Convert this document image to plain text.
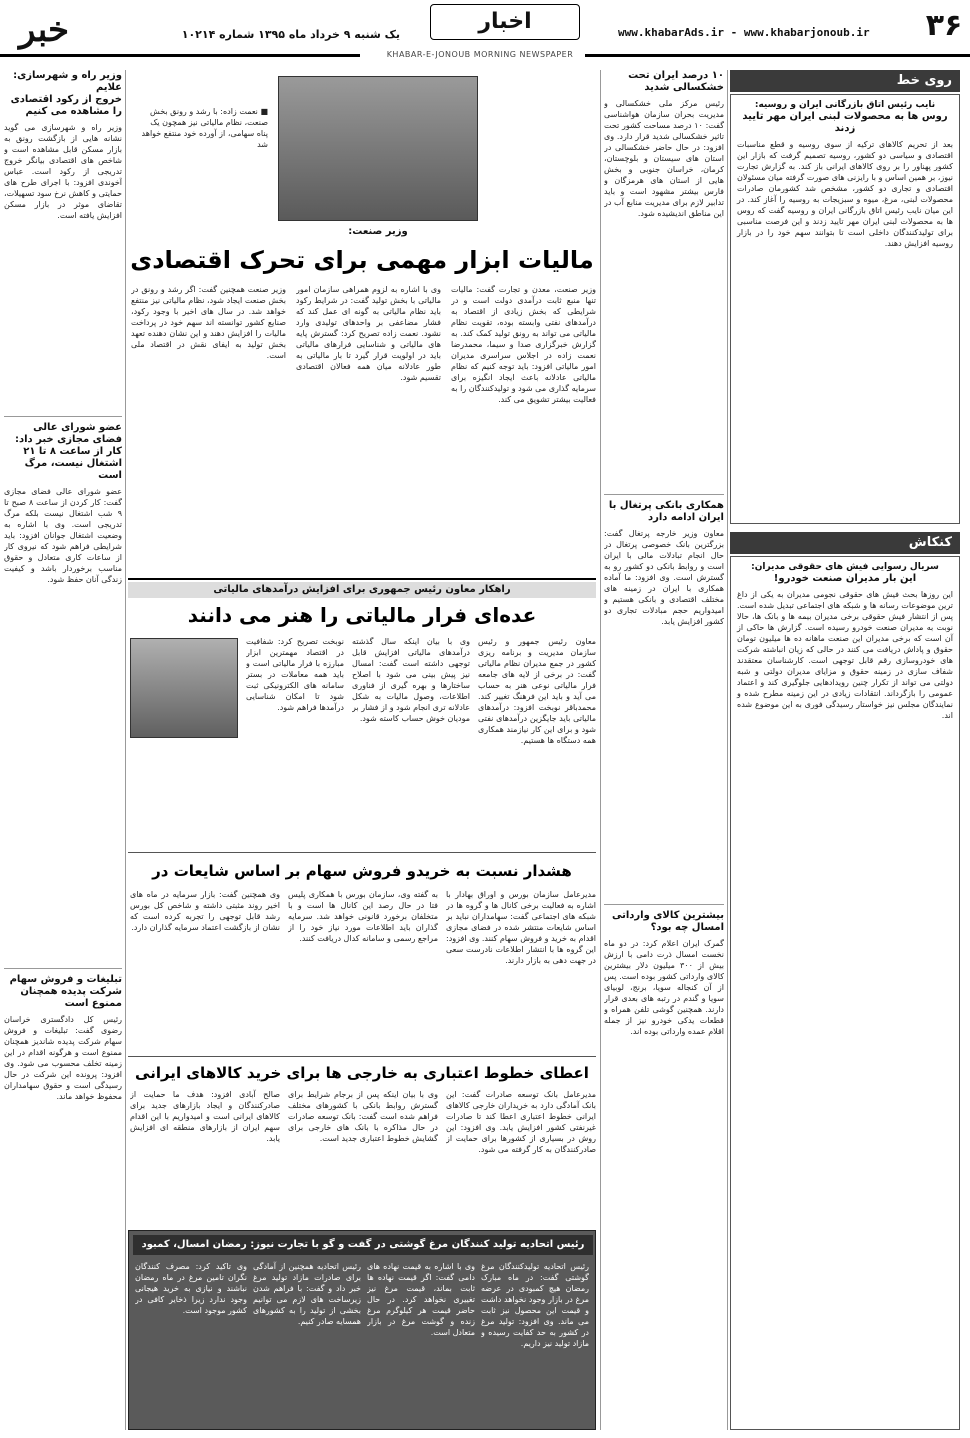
۳۶
www.khabarAds.ir - www.khabarjonoub.ir
اخبار
یک شنبه ۹ خرداد ماه ۱۳۹۵ شماره ۱۰۲۱۴
خبر
KHABAR-E-JONOUB MORNING NEWSPAPER
روی خط
نایب رئیس اتاق بازرگانی ایران و روسیه:
روس ها به محصولات لبنی ایران مهر تایید زدند
بعد از تحریم کالاهای ترکیه از سوی روسیه و قطع مناسبات اقتصادی و سیاسی دو کشور، روسیه تصمیم گرفت که بازار این کشور پهناور را بر روی کالاهای ایرانی باز کند. به گزارش تجارت نیوز، بر همین اساس و با رایزنی های صورت گرفته میان مسئولان اقتصادی و تجاری دو کشور، مشخص شد کشورمان صادرات محصولات لبنی، مرغ، میوه و سبزیجات به روسیه را آغاز کند. در این میان نایب رئیس اتاق بازرگانی ایران و روسیه گفت که روس ها به محصولات لبنی ایران مهر تایید زدند و این فرصت مناسبی برای تولیدکنندگان داخلی است تا بتوانند سهم خود را در بازار روسیه افزایش دهند.
کنکاش
سریال رسوایی فیش های حقوقی مدیران:
این بار مدیران صنعت خودرو!
این روزها بحث فیش های حقوقی نجومی مدیران به یکی از داغ ترین موضوعات رسانه ها و شبکه های اجتماعی تبدیل شده است. پس از انتشار فیش حقوقی برخی مدیران بیمه ها و بانک ها، حالا نوبت به مدیران صنعت خودرو رسیده است. گزارش ها حاکی از آن است که برخی مدیران این صنعت ماهانه ده ها میلیون تومان حقوق و پاداش دریافت می کنند در حالی که زیان انباشته شرکت های خودروسازی رقم قابل توجهی است. کارشناسان معتقدند شفاف سازی در زمینه حقوق و مزایای مدیران دولتی و شبه دولتی می تواند از تکرار چنین رویدادهایی جلوگیری کند و اعتماد عمومی را بازگرداند. انتقادات زیادی در این زمینه مطرح شده و نمایندگان مجلس نیز خواستار رسیدگی فوری به این موضوع شده اند.
۱۰ درصد ایران تحت خشکسالی شدید
رئیس مرکز ملی خشکسالی و مدیریت بحران سازمان هواشناسی گفت: ۱۰ درصد مساحت کشور تحت تاثیر خشکسالی شدید قرار دارد. وی افزود: در حال حاضر خشکسالی در استان های سیستان و بلوچستان، کرمان، خراسان جنوبی و بخش هایی از استان های هرمزگان و فارس بیشتر مشهود است و باید تدابیر لازم برای مدیریت منابع آب در این مناطق اندیشیده شود.
همکاری بانکی پرتغال با ایران ادامه دارد
معاون وزیر خارجه پرتغال گفت: بزرگترین بانک خصوصی پرتغال در حال انجام تبادلات مالی با ایران است و روابط بانکی دو کشور رو به گسترش است. وی افزود: ما آماده همکاری با ایران در زمینه های مختلف اقتصادی و بانکی هستیم و امیدواریم حجم مبادلات تجاری دو کشور افزایش یابد.
بیشترین کالای وارداتی امسال چه بود؟
گمرک ایران اعلام کرد: در دو ماه نخست امسال ذرت دامی با ارزش بیش از ۳۰۰ میلیون دلار بیشترین کالای وارداتی کشور بوده است. پس از آن کنجاله سویا، برنج، لوبیای سویا و گندم در رتبه های بعدی قرار دارند. همچنین گوشی تلفن همراه و قطعات یدکی خودرو نیز از جمله اقلام عمده وارداتی بوده اند.
■ نعمت زاده: با رشد و رونق بخش صنعت، نظام مالیاتی نیز همچون یک پناه سهامی، از آورده خود منتفع خواهد شد
وزیر صنعت:
مالیات ابزار مهمی برای تحرک اقتصادی
وزیر صنعت، معدن و تجارت گفت: مالیات تنها منبع ثابت درآمدی دولت است و در شرایطی که بخش زیادی از اقتصاد به درآمدهای نفتی وابسته بوده، تقویت نظام مالیاتی می تواند به رونق تولید کمک کند. به گزارش خبرگزاری صدا و سیما، محمدرضا نعمت زاده در اجلاس سراسری مدیران امور مالیاتی افزود: باید توجه کنیم که نظام مالیاتی عادلانه باعث ایجاد انگیزه برای سرمایه گذاری می شود و تولیدکنندگان را به فعالیت بیشتر تشویق می کند.
وی با اشاره به لزوم همراهی سازمان امور مالیاتی با بخش تولید گفت: در شرایط رکود باید نظام مالیاتی به گونه ای عمل کند که فشار مضاعفی بر واحدهای تولیدی وارد نشود. نعمت زاده تصریح کرد: گسترش پایه های مالیاتی و شناسایی فرارهای مالیاتی باید در اولویت قرار گیرد تا بار مالیاتی به طور عادلانه میان همه فعالان اقتصادی تقسیم شود.
وزیر صنعت همچنین گفت: اگر رشد و رونق در بخش صنعت ایجاد شود، نظام مالیاتی نیز منتفع خواهد شد. در سال های اخیر با وجود رکود، صنایع کشور توانسته اند سهم خود در پرداخت مالیات را افزایش دهند و این نشان دهنده تعهد بخش تولید به ایفای نقش در اقتصاد ملی است.
وزیر راه و شهرسازی: علایم
خروج از رکود اقتصادی را مشاهده می کنیم
وزیر راه و شهرسازی می گوید نشانه هایی از بازگشت رونق به بازار مسکن قابل مشاهده است و شاخص های اقتصادی بیانگر خروج تدریجی از رکود است. عباس آخوندی افزود: با اجرای طرح های حمایتی و کاهش نرخ سود تسهیلات، تقاضای موثر در بازار مسکن افزایش یافته است.
عضو شورای عالی فضای مجازی خبر داد: کار از ساعت ۸ تا ۲۱ اشتغال نیست، مرگ است
عضو شورای عالی فضای مجازی گفت: کار کردن از ساعت ۸ صبح تا ۹ شب اشتغال نیست بلکه مرگ تدریجی است. وی با اشاره به وضعیت اشتغال جوانان افزود: باید شرایطی فراهم شود که نیروی کار از ساعات کاری متعادل و حقوق مناسب برخوردار باشد و کیفیت زندگی آنان حفظ شود.
تبلیغات و فروش سهام شرکت پدیده همچنان ممنوع است
رئیس کل دادگستری خراسان رضوی گفت: تبلیغات و فروش سهام شرکت پدیده شاندیز همچنان ممنوع است و هرگونه اقدام در این زمینه تخلف محسوب می شود. وی افزود: پرونده این شرکت در حال رسیدگی است و حقوق سهامداران محفوظ خواهد ماند.
راهکار معاون رئیس جمهوری برای افزایش درآمدهای مالیاتی
عده‌ای فرار مالیاتی را هنر می دانند
معاون رئیس جمهور و رئیس سازمان مدیریت و برنامه ریزی کشور در جمع مدیران نظام مالیاتی گفت: در برخی از لایه های جامعه فرار مالیاتی نوعی هنر به حساب می آید و باید این فرهنگ تغییر کند. محمدباقر نوبخت افزود: درآمدهای مالیاتی باید جایگزین درآمدهای نفتی شود و برای این کار نیازمند همکاری همه دستگاه ها هستیم.
وی با بیان اینکه سال گذشته درآمدهای مالیاتی افزایش قابل توجهی داشته است گفت: امسال نیز پیش بینی می شود با اصلاح ساختارها و بهره گیری از فناوری اطلاعات، وصول مالیات به شکل عادلانه تری انجام شود و از فشار بر مودیان خوش حساب کاسته شود.
نوبخت تصریح کرد: شفافیت در اقتصاد مهمترین ابزار مبارزه با فرار مالیاتی است و باید همه معاملات در بستر سامانه های الکترونیکی ثبت شود تا امکان شناسایی درآمدها فراهم شود.
هشدار نسبت به خریدو فروش سهام بر اساس شایعات در
مدیرعامل سازمان بورس و اوراق بهادار با اشاره به فعالیت برخی کانال ها و گروه ها در شبکه های اجتماعی گفت: سهامداران نباید بر اساس شایعات منتشر شده در فضای مجازی اقدام به خرید و فروش سهام کنند. وی افزود: این گروه ها با انتشار اطلاعات نادرست سعی در جهت دهی به بازار دارند.
به گفته وی، سازمان بورس با همکاری پلیس فتا در حال رصد این کانال ها است و با متخلفان برخورد قانونی خواهد شد. سرمایه گذاران باید اطلاعات مورد نیاز خود را از مراجع رسمی و سامانه کدال دریافت کنند.
وی همچنین گفت: بازار سرمایه در ماه های اخیر روند مثبتی داشته و شاخص کل بورس رشد قابل توجهی را تجربه کرده است که نشان از بازگشت اعتماد سرمایه گذاران دارد.
اعطای خطوط اعتباری به خارجی ها برای خرید کالاهای ایرانی
مدیرعامل بانک توسعه صادرات گفت: این بانک آمادگی دارد به خریداران خارجی کالاهای ایرانی خطوط اعتباری اعطا کند تا صادرات غیرنفتی کشور افزایش یابد. وی افزود: این روش در بسیاری از کشورها برای حمایت از صادرکنندگان به کار گرفته می شود.
وی با بیان اینکه پس از برجام شرایط برای گسترش روابط بانکی با کشورهای مختلف فراهم شده است گفت: بانک توسعه صادرات در حال مذاکره با بانک های خارجی برای گشایش خطوط اعتباری جدید است.
صالح آبادی افزود: هدف ما حمایت از صادرکنندگان و ایجاد بازارهای جدید برای کالاهای ایرانی است و امیدواریم با این اقدام سهم ایران از بازارهای منطقه ای افزایش یابد.
رئیس اتحادیه تولید کنندگان مرغ گوشتی در گفت و گو با تجارت نیوز: رمضان امسال، کمبود
رئیس اتحادیه تولیدکنندگان مرغ گوشتی گفت: در ماه مبارک رمضان هیچ کمبودی در عرضه مرغ در بازار وجود نخواهد داشت و قیمت این محصول نیز ثابت می ماند. وی افزود: تولید مرغ در کشور به حد کفایت رسیده و مازاد تولید نیز داریم.
وی با اشاره به قیمت نهاده های دامی گفت: اگر قیمت نهاده ها ثابت بماند، قیمت مرغ نیز تغییری نخواهد کرد. در حال حاضر قیمت هر کیلوگرم مرغ زنده و گوشت مرغ در بازار متعادل است.
رئیس اتحادیه همچنین از آمادگی برای صادرات مازاد تولید مرغ خبر داد و گفت: با فراهم شدن زیرساخت های لازم می توانیم بخشی از تولید را به کشورهای همسایه صادر کنیم.
وی تاکید کرد: مصرف کنندگان نگران تامین مرغ در ماه رمضان نباشند و نیازی به خرید هیجانی وجود ندارد زیرا ذخایر کافی در کشور موجود است.
